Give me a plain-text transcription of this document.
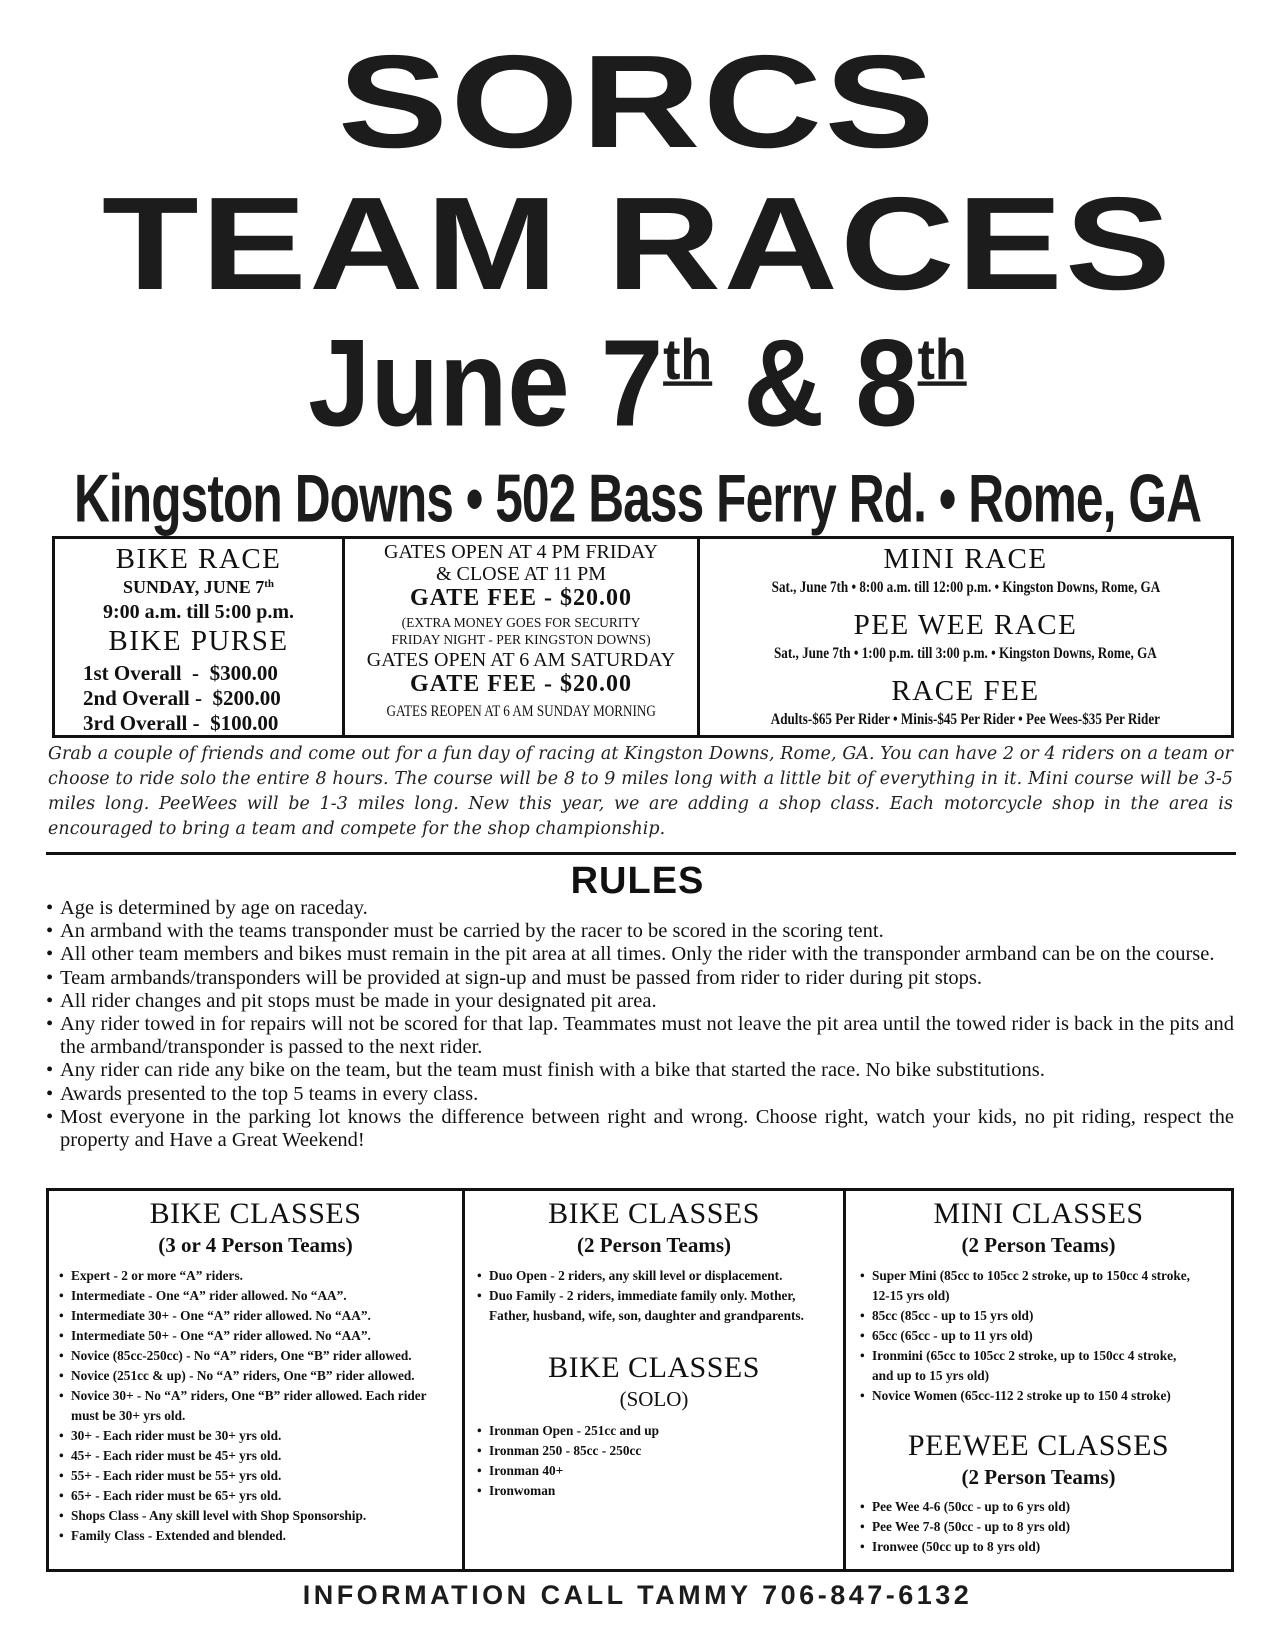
SORCS
TEAM RACES
June 7th & 8th
Kingston Downs • 502 Bass Ferry Rd. • Rome, GA
BIKE RACE
SUNDAY, JUNE 7th
9:00 a.m. till 5:00 p.m.
BIKE PURSE
1st Overall  -  $300.00
2nd Overall -  $200.00
3rd Overall -  $100.00
GATES OPEN AT 4 PM FRIDAY
& CLOSE AT 11 PM
GATE FEE - $20.00
(EXTRA MONEY GOES FOR SECURITY
FRIDAY NIGHT - PER KINGSTON DOWNS)
GATES OPEN AT 6 AM SATURDAY
GATE FEE - $20.00
GATES REOPEN AT 6 AM SUNDAY MORNING
MINI RACE
Sat., June 7th • 8:00 a.m. till 12:00 p.m. • Kingston Downs, Rome, GA
PEE WEE RACE
Sat., June 7th • 1:00 p.m. till 3:00 p.m. • Kingston Downs, Rome, GA
RACE FEE
Adults-$65 Per Rider • Minis-$45 Per Rider • Pee Wees-$35 Per Rider
Grab a couple of friends and come out for a fun day of racing at Kingston Downs, Rome, GA. You can have 2 or 4 riders on a team or choose to ride solo the entire 8 hours. The course will be 8 to 9 miles long with a little bit of everything in it. Mini course will be 3-5 miles long. PeeWees will be 1-3 miles long. New this year, we are adding a shop class. Each motorcycle shop in the area is encouraged to bring a team and compete for the shop championship.
RULES
• Age is determined by age on raceday.
• An armband with the teams transponder must be carried by the racer to be scored in the scoring tent.
• All other team members and bikes must remain in the pit area at all times. Only the rider with the transponder armband can be on the course.
• Team armbands/transponders will be provided at sign-up and must be passed from rider to rider during pit stops.
• All rider changes and pit stops must be made in your designated pit area.
• Any rider towed in for repairs will not be scored for that lap. Teammates must not leave the pit area until the towed rider is back in the pits and the armband/transponder is passed to the next rider.
• Any rider can ride any bike on the team, but the team must finish with a bike that started the race. No bike substitutions.
• Awards presented to the top 5 teams in every class.
• Most everyone in the parking lot knows the difference between right and wrong. Choose right, watch your kids, no pit riding, respect the property and Have a Great Weekend!
BIKE CLASSES
(3 or 4 Person Teams)
• Expert - 2 or more “A” riders.
• Intermediate - One “A” rider allowed. No “AA”.
• Intermediate 30+ - One “A” rider allowed. No “AA”.
• Intermediate 50+ - One “A” rider allowed. No “AA”.
• Novice (85cc-250cc) - No “A” riders, One “B” rider allowed.
• Novice (251cc & up) - No “A” riders, One “B” rider allowed.
• Novice 30+ - No “A” riders, One “B” rider allowed. Each rider must be 30+ yrs old.
• 30+ - Each rider must be 30+ yrs old.
• 45+ - Each rider must be 45+ yrs old.
• 55+ - Each rider must be 55+ yrs old.
• 65+ - Each rider must be 65+ yrs old.
• Shops Class - Any skill level with Shop Sponsorship.
• Family Class - Extended and blended.
BIKE CLASSES
(2 Person Teams)
• Duo Open - 2 riders, any skill level or displacement.
• Duo Family - 2 riders, immediate family only. Mother, Father, husband, wife, son, daughter and grandparents.
BIKE CLASSES
(SOLO)
• Ironman Open - 251cc and up
• Ironman 250 - 85cc - 250cc
• Ironman 40+
• Ironwoman
MINI CLASSES
(2 Person Teams)
• Super Mini (85cc to 105cc 2 stroke, up to 150cc 4 stroke, 12-15 yrs old)
• 85cc (85cc - up to 15 yrs old)
• 65cc (65cc - up to 11 yrs old)
• Ironmini (65cc to 105cc 2 stroke, up to 150cc 4 stroke, and up to 15 yrs old)
• Novice Women (65cc-112 2 stroke up to 150 4 stroke)
PEEWEE CLASSES
(2 Person Teams)
• Pee Wee 4-6 (50cc - up to 6 yrs old)
• Pee Wee 7-8 (50cc - up to 8 yrs old)
• Ironwee (50cc up to 8 yrs old)
INFORMATION CALL TAMMY 706-847-6132
